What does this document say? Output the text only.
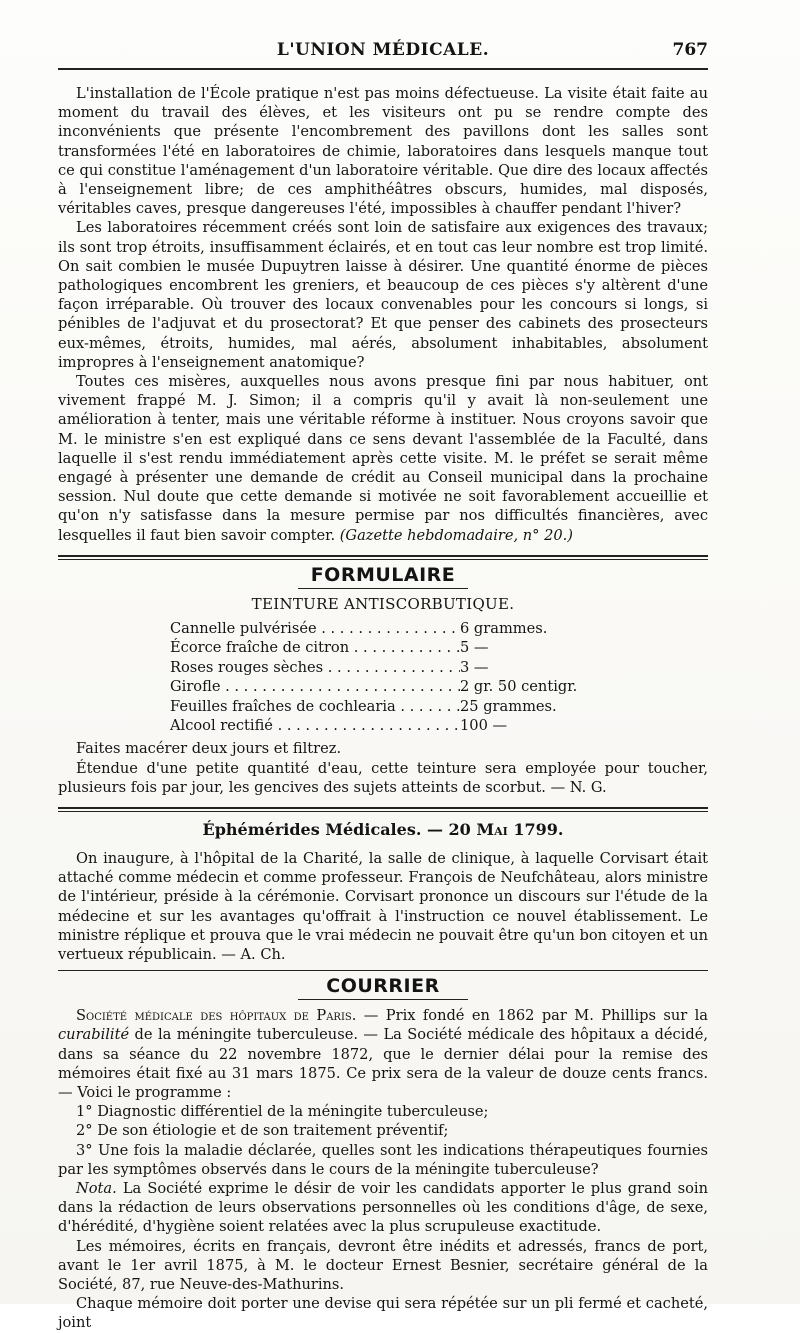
L'UNION MÉDICALE.	767

L'installation de l'École pratique n'est pas moins défectueuse. La visite était faite au moment du travail des élèves, et les visiteurs ont pu se rendre compte des inconvénients que présente l'encombrement des pavillons dont les salles sont transformées l'été en laboratoires de chimie, laboratoires dans lesquels manque tout ce qui constitue l'aménagement d'un laboratoire véritable. Que dire des locaux affectés à l'enseignement libre; de ces amphithéâtres obscurs, humides, mal disposés, véritables caves, presque dangereuses l'été, impossibles à chauffer pendant l'hiver?

Les laboratoires récemment créés sont loin de satisfaire aux exigences des travaux; ils sont trop étroits, insuffisamment éclairés, et en tout cas leur nombre est trop limité. On sait combien le musée Dupuytren laisse à désirer. Une quantité énorme de pièces pathologiques encombrent les greniers, et beaucoup de ces pièces s'y altèrent d'une façon irréparable. Où trouver des locaux convenables pour les concours si longs, si pénibles de l'adjuvat et du prosectorat? Et que penser des cabinets des prosecteurs eux-mêmes, étroits, humides, mal aérés, absolument inhabitables, absolument impropres à l'enseignement anatomique?

Toutes ces misères, auxquelles nous avons presque fini par nous habituer, ont vivement frappé M. J. Simon; il a compris qu'il y avait là non-seulement une amélioration à tenter, mais une véritable réforme à instituer. Nous croyons savoir que M. le ministre s'en est expliqué dans ce sens devant l'assemblée de la Faculté, dans laquelle il s'est rendu immédiatement après cette visite. M. le préfet se serait même engagé à présenter une demande de crédit au Conseil municipal dans la prochaine session. Nul doute que cette demande si motivée ne soit favorablement accueillie et qu'on n'y satisfasse dans la mesure permise par nos difficultés financières, avec lesquelles il faut bien savoir compter. (Gazette hebdomadaire, n° 20.)

FORMULAIRE
TEINTURE ANTISCORBUTIQUE.
Cannelle pulvérisée . . .	6 grammes.
Écorce fraîche de citron . . .	5 —
Roses rouges sèches . . .	3 —
Girofle . . .	2 gr. 50 centigr.
Feuilles fraîches de cochlearia . . .	25 grammes.
Alcool rectifié . . .	100 —

Faites macérer deux jours et filtrez.

Étendue d'une petite quantité d'eau, cette teinture sera employée pour toucher, plusieurs fois par jour, les gencives des sujets atteints de scorbut. — N. G.

Éphémérides Médicales. — 20 Mai 1799.

On inaugure, à l'hôpital de la Charité, la salle de clinique, à laquelle Corvisart était attaché comme médecin et comme professeur. François de Neufchâteau, alors ministre de l'intérieur, préside à la cérémonie. Corvisart prononce un discours sur l'étude de la médecine et sur les avantages qu'offrait à l'instruction ce nouvel établissement. Le ministre réplique et prouva que le vrai médecin ne pouvait être qu'un bon citoyen et un vertueux républicain. — A. Ch.

COURRIER

Société médicale des hôpitaux de Paris. — Prix fondé en 1862 par M. Phillips sur la curabilité de la méningite tuberculeuse. — La Société médicale des hôpitaux a décidé, dans sa séance du 22 novembre 1872, que le dernier délai pour la remise des mémoires était fixé au 31 mars 1875. Ce prix sera de la valeur de douze cents francs. — Voici le programme :

1° Diagnostic différentiel de la méningite tuberculeuse;

2° De son étiologie et de son traitement préventif;

3° Une fois la maladie déclarée, quelles sont les indications thérapeutiques fournies par les symptômes observés dans le cours de la méningite tuberculeuse?

Nota. La Société exprime le désir de voir les candidats apporter le plus grand soin dans la rédaction de leurs observations personnelles où les conditions d'âge, de sexe, d'hérédité, d'hygiène soient relatées avec la plus scrupuleuse exactitude.

Les mémoires, écrits en français, devront être inédits et adressés, francs de port, avant le 1er avril 1875, à M. le docteur Ernest Besnier, secrétaire général de la Société, 87, rue Neuve-des-Mathurins.

Chaque mémoire doit porter une devise qui sera répétée sur un pli fermé et cacheté, joint
